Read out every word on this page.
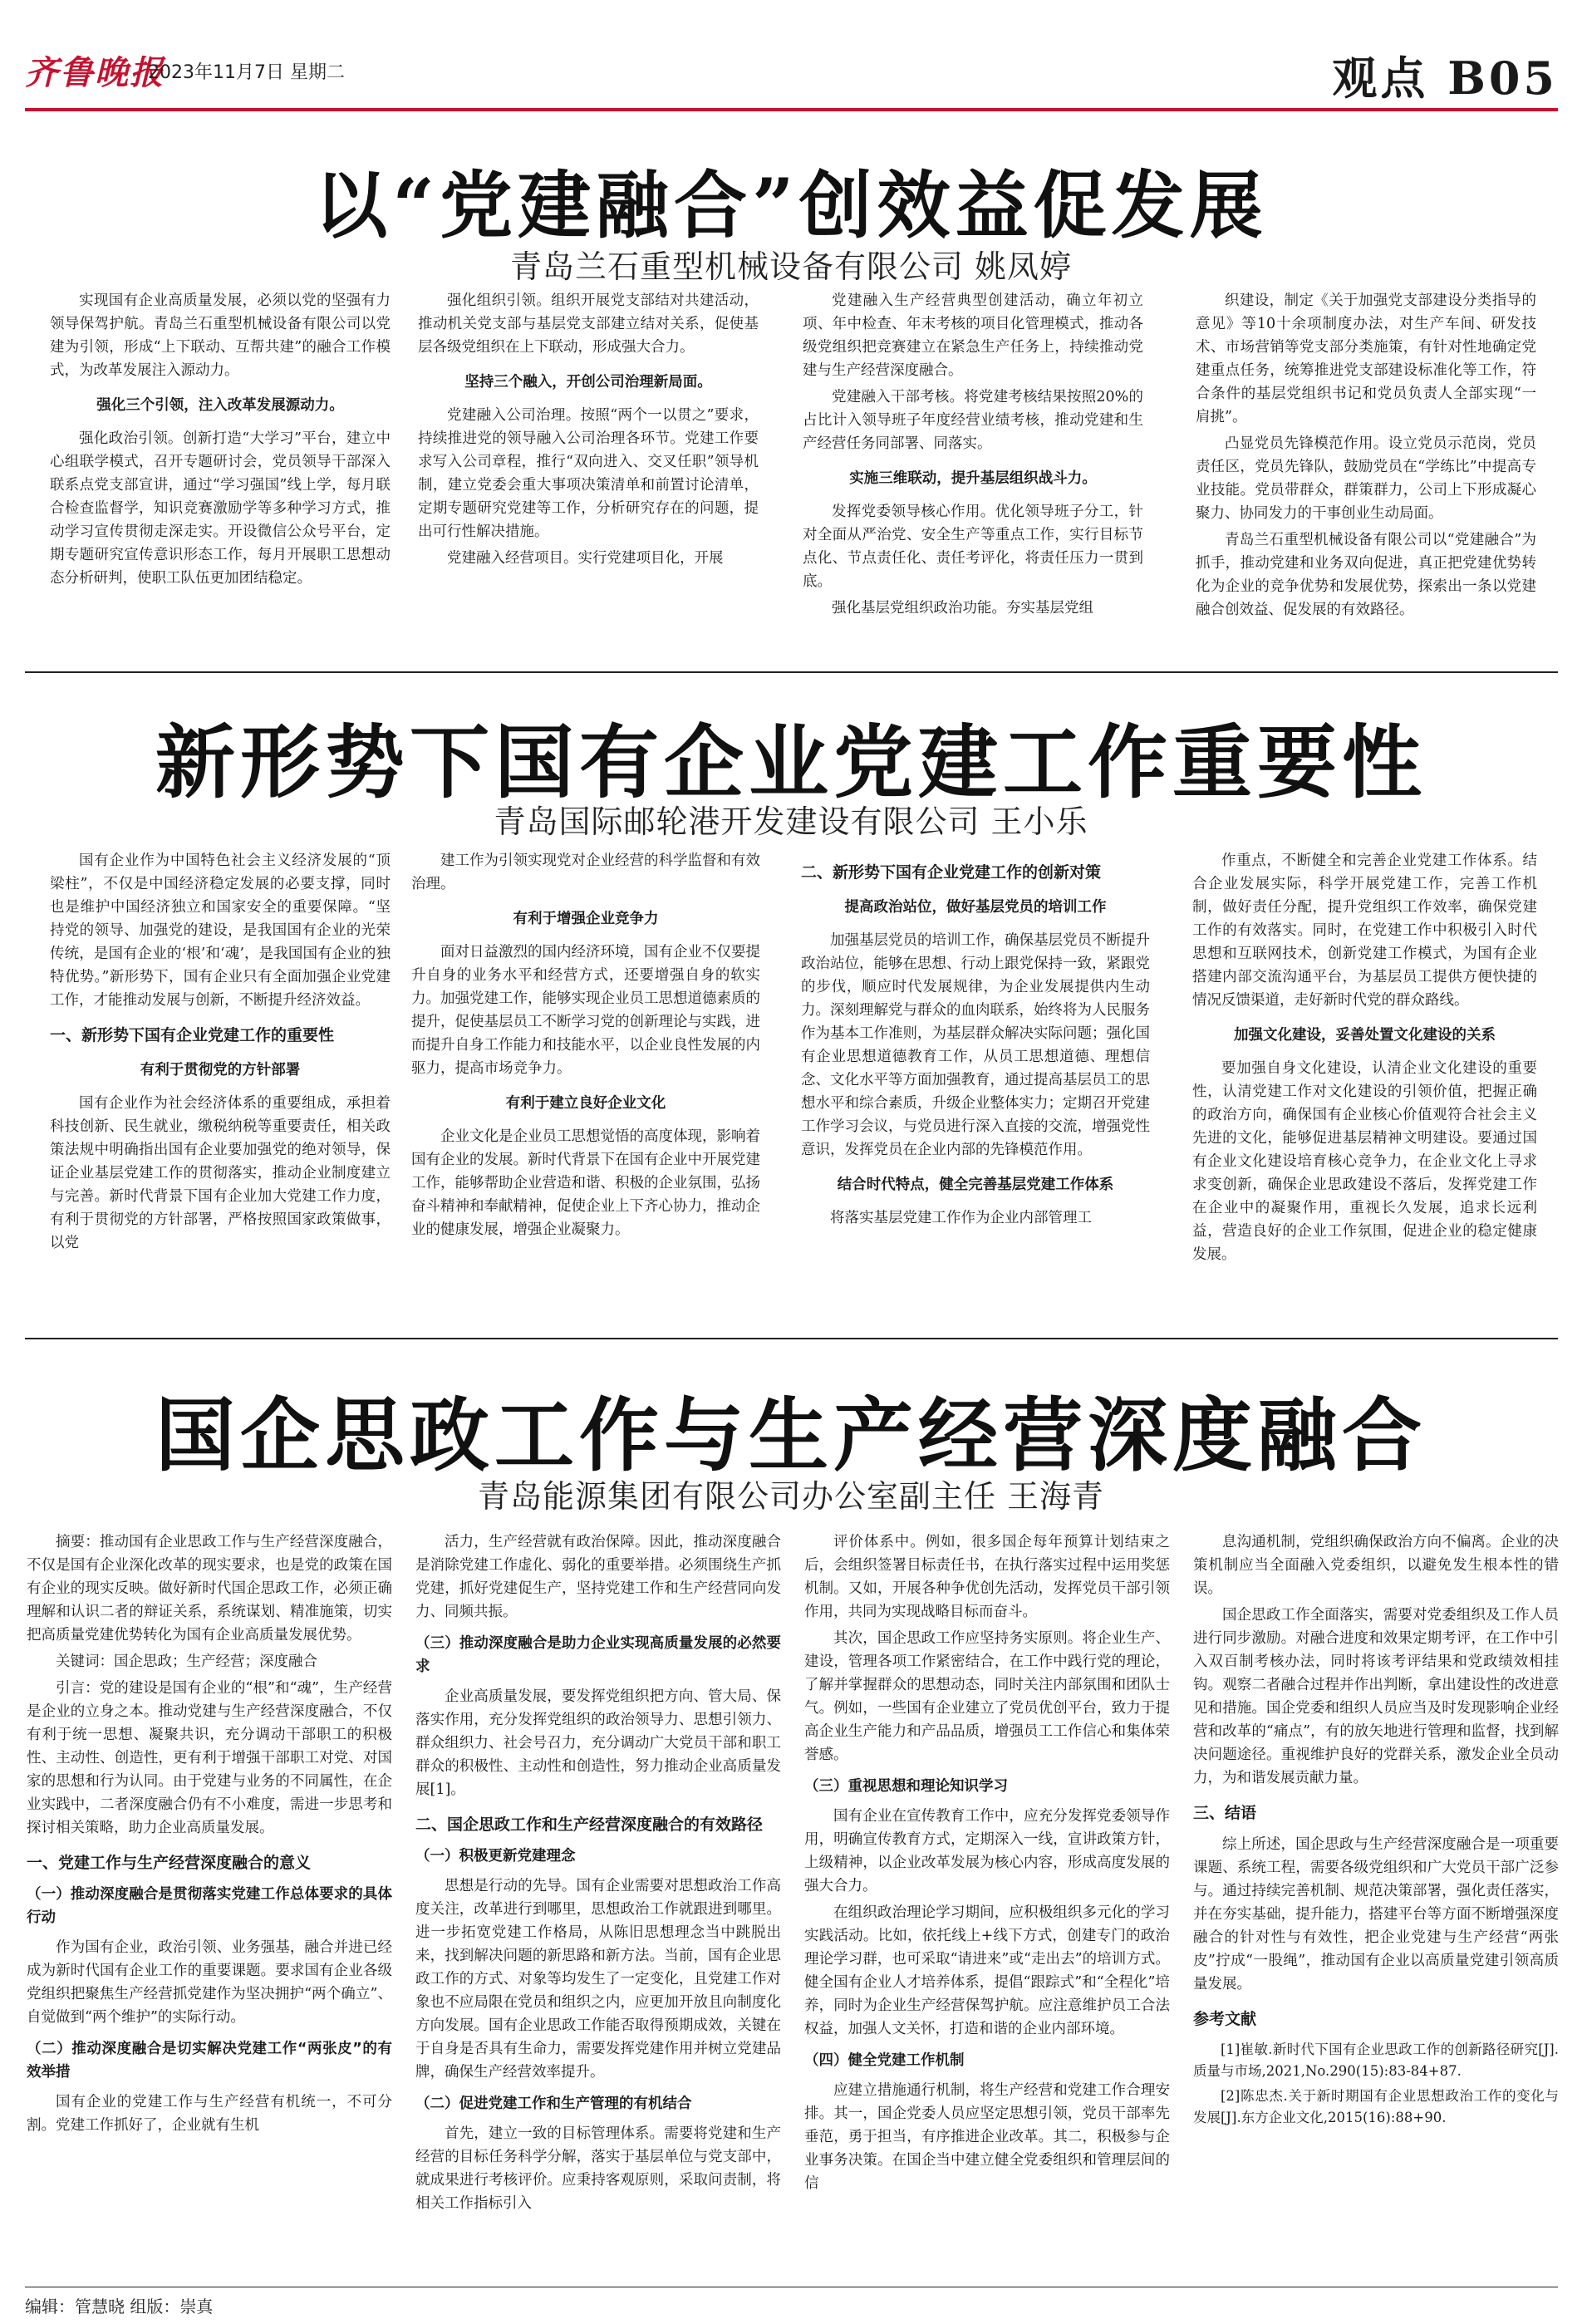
齐鲁晚报
2023年11月7日 星期二	观点 B05
以“党建融合”创效益促发展
青岛兰石重型机械设备有限公司 姚凤婷

实现国有企业高质量发展，必须以党的坚强有力领导保驾护航。青岛兰石重型机械设备有限公司以党建为引领，形成“上下联动、互帮共建”的融合工作模式，为改革发展注入源动力。

强化三个引领，注入改革发展源动力。

强化政治引领。创新打造“大学习”平台，建立中心组联学模式，召开专题研讨会，党员领导干部深入联系点党支部宣讲，通过“学习强国”线上学，每月联合检查监督学，知识竞赛激励学等多种学习方式，推动学习宣传贯彻走深走实。开设微信公众号平台，定期专题研究宣传意识形态工作，每月开展职工思想动态分析研判，使职工队伍更加团结稳定。

强化组织引领。组织开展党支部结对共建活动，推动机关党支部与基层党支部建立结对关系，促使基层各级党组织在上下联动，形成强大合力。

坚持三个融入，开创公司治理新局面。

党建融入公司治理。按照“两个一以贯之”要求，持续推进党的领导融入公司治理各环节。党建工作要求写入公司章程，推行“双向进入、交叉任职”领导机制，建立党委会重大事项决策清单和前置讨论清单，定期专题研究党建等工作，分析研究存在的问题，提出可行性解决措施。

党建融入经营项目。实行党建项目化，开展

党建融入生产经营典型创建活动，确立年初立项、年中检查、年末考核的项目化管理模式，推动各级党组织把竞赛建立在紧急生产任务上，持续推动党建与生产经营深度融合。

党建融入干部考核。将党建考核结果按照20%的占比计入领导班子年度经营业绩考核，推动党建和生产经营任务同部署、同落实。

实施三维联动，提升基层组织战斗力。

发挥党委领导核心作用。优化领导班子分工，针对全面从严治党、安全生产等重点工作，实行目标节点化、节点责任化、责任考评化，将责任压力一贯到底。

强化基层党组织政治功能。夯实基层党组

织建设，制定《关于加强党支部建设分类指导的意见》等10十余项制度办法，对生产车间、研发技术、市场营销等党支部分类施策，有针对性地确定党建重点任务，统筹推进党支部建设标准化等工作，符合条件的基层党组织书记和党员负责人全部实现“一肩挑”。

凸显党员先锋模范作用。设立党员示范岗，党员责任区，党员先锋队，鼓励党员在“学练比”中提高专业技能。党员带群众，群策群力，公司上下形成凝心聚力、协同发力的干事创业生动局面。

青岛兰石重型机械设备有限公司以“党建融合”为抓手，推动党建和业务双向促进，真正把党建优势转化为企业的竞争优势和发展优势，探索出一条以党建融合创效益、促发展的有效路径。

新形势下国有企业党建工作重要性
青岛国际邮轮港开发建设有限公司 王小乐

国有企业作为中国特色社会主义经济发展的“顶梁柱”，不仅是中国经济稳定发展的必要支撑，同时也是维护中国经济独立和国家安全的重要保障。“坚持党的领导、加强党的建设，是我国国有企业的光荣传统，是国有企业的‘根’和‘魂’，是我国国有企业的独特优势。”新形势下，国有企业只有全面加强企业党建工作，才能推动发展与创新，不断提升经济效益。

一、新形势下国有企业党建工作的重要性

有利于贯彻党的方针部署

国有企业作为社会经济体系的重要组成，承担着科技创新、民生就业，缴税纳税等重要责任，相关政策法规中明确指出国有企业要加强党的绝对领导，保证企业基层党建工作的贯彻落实，推动企业制度建立与完善。新时代背景下国有企业加大党建工作力度，有利于贯彻党的方针部署，严格按照国家政策做事，以党

建工作为引领实现党对企业经营的科学监督和有效治理。

有利于增强企业竞争力

面对日益激烈的国内经济环境，国有企业不仅要提升自身的业务水平和经营方式，还要增强自身的软实力。加强党建工作，能够实现企业员工思想道德素质的提升，促使基层员工不断学习党的创新理论与实践，进而提升自身工作能力和技能水平，以企业良性发展的内驱力，提高市场竞争力。

有利于建立良好企业文化

企业文化是企业员工思想觉悟的高度体现，影响着国有企业的发展。新时代背景下在国有企业中开展党建工作，能够帮助企业营造和谐、积极的企业氛围，弘扬奋斗精神和奉献精神，促使企业上下齐心协力，推动企业的健康发展，增强企业凝聚力。

二、新形势下国有企业党建工作的创新对策

提高政治站位，做好基层党员的培训工作

加强基层党员的培训工作，确保基层党员不断提升政治站位，能够在思想、行动上跟党保持一致，紧跟党的步伐，顺应时代发展规律，为企业发展提供内生动力。深刻理解党与群众的血肉联系，始终将为人民服务作为基本工作准则，为基层群众解决实际问题；强化国有企业思想道德教育工作，从员工思想道德、理想信念、文化水平等方面加强教育，通过提高基层员工的思想水平和综合素质，升级企业整体实力；定期召开党建工作学习会议，与党员进行深入直接的交流，增强党性意识，发挥党员在企业内部的先锋模范作用。

结合时代特点，健全完善基层党建工作体系

将落实基层党建工作作为企业内部管理工

作重点，不断健全和完善企业党建工作体系。结合企业发展实际，科学开展党建工作，完善工作机制，做好责任分配，提升党组织工作效率，确保党建工作的有效落实。同时，在党建工作中积极引入时代思想和互联网技术，创新党建工作模式，为国有企业搭建内部交流沟通平台，为基层员工提供方便快捷的情况反馈渠道，走好新时代党的群众路线。

加强文化建设，妥善处置文化建设的关系

要加强自身文化建设，认清企业文化建设的重要性，认清党建工作对文化建设的引领价值，把握正确的政治方向，确保国有企业核心价值观符合社会主义先进的文化，能够促进基层精神文明建设。要通过国有企业文化建设培育核心竞争力，在企业文化上寻求求变创新，确保企业思政建设不落后，发挥党建工作在企业中的凝聚作用，重视长久发展，追求长远利益，营造良好的企业工作氛围，促进企业的稳定健康发展。

国企思政工作与生产经营深度融合
青岛能源集团有限公司办公室副主任 王海青

摘要：推动国有企业思政工作与生产经营深度融合，不仅是国有企业深化改革的现实要求，也是党的政策在国有企业的现实反映。做好新时代国企思政工作，必须正确理解和认识二者的辩证关系，系统谋划、精准施策，切实把高质量党建优势转化为国有企业高质量发展优势。

关键词：国企思政；生产经营；深度融合

引言：党的建设是国有企业的“根”和“魂”，生产经营是企业的立身之本。推动党建与生产经营深度融合，不仅有利于统一思想、凝聚共识，充分调动干部职工的积极性、主动性、创造性，更有利于增强干部职工对党、对国家的思想和行为认同。由于党建与业务的不同属性，在企业实践中，二者深度融合仍有不小难度，需进一步思考和探讨相关策略，助力企业高质量发展。

一、党建工作与生产经营深度融合的意义

（一）推动深度融合是贯彻落实党建工作总体要求的具体行动

作为国有企业，政治引领、业务强基，融合并进已经成为新时代国有企业工作的重要课题。要求国有企业各级党组织把聚焦生产经营抓党建作为坚决拥护“两个确立”、自觉做到“两个维护”的实际行动。

（二）推动深度融合是切实解决党建工作“两张皮”的有效举措

国有企业的党建工作与生产经营有机统一，不可分割。党建工作抓好了，企业就有生机

活力，生产经营就有政治保障。因此，推动深度融合是消除党建工作虚化、弱化的重要举措。必须围绕生产抓党建，抓好党建促生产，坚持党建工作和生产经营同向发力、同频共振。

（三）推动深度融合是助力企业实现高质量发展的必然要求

企业高质量发展，要发挥党组织把方向、管大局、保落实作用，充分发挥党组织的政治领导力、思想引领力、群众组织力、社会号召力，充分调动广大党员干部和职工群众的积极性、主动性和创造性，努力推动企业高质量发展[1]。

二、国企思政工作和生产经营深度融合的有效路径

（一）积极更新党建理念

思想是行动的先导。国有企业需要对思想政治工作高度关注，改革进行到哪里，思想政治工作就跟进到哪里。进一步拓宽党建工作格局，从陈旧思想理念当中跳脱出来，找到解决问题的新思路和新方法。当前，国有企业思政工作的方式、对象等均发生了一定变化，且党建工作对象也不应局限在党员和组织之内，应更加开放且向制度化方向发展。国有企业思政工作能否取得预期成效，关键在于自身是否具有生命力，需要发挥党建作用并树立党建品牌，确保生产经营效率提升。

（二）促进党建工作和生产管理的有机结合

首先，建立一致的目标管理体系。需要将党建和生产经营的目标任务科学分解，落实于基层单位与党支部中，就成果进行考核评价。应秉持客观原则，采取问责制，将相关工作指标引入

评价体系中。例如，很多国企每年预算计划结束之后，会组织签署目标责任书，在执行落实过程中运用奖惩机制。又如，开展各种争优创先活动，发挥党员干部引领作用，共同为实现战略目标而奋斗。

其次，国企思政工作应坚持务实原则。将企业生产、建设，管理各项工作紧密结合，在工作中践行党的理论，了解并掌握群众的思想动态，同时关注内部氛围和团队士气。例如，一些国有企业建立了党员优创平台，致力于提高企业生产能力和产品品质，增强员工工作信心和集体荣誉感。

（三）重视思想和理论知识学习

国有企业在宣传教育工作中，应充分发挥党委领导作用，明确宣传教育方式，定期深入一线，宣讲政策方针，上级精神，以企业改革发展为核心内容，形成高度发展的强大合力。

在组织政治理论学习期间，应积极组织多元化的学习实践活动。比如，依托线上+线下方式，创建专门的政治理论学习群，也可采取“请进来”或“走出去”的培训方式。健全国有企业人才培养体系，提倡“跟踪式”和“全程化”培养，同时为企业生产经营保驾护航。应注意维护员工合法权益，加强人文关怀，打造和谐的企业内部环境。

（四）健全党建工作机制

应建立措施通行机制，将生产经营和党建工作合理安排。其一，国企党委人员应坚定思想引领，党员干部率先垂范，勇于担当，有序推进企业改革。其二，积极参与企业事务决策。在国企当中建立健全党委组织和管理层间的信

息沟通机制，党组织确保政治方向不偏离。企业的决策机制应当全面融入党委组织，以避免发生根本性的错误。

国企思政工作全面落实，需要对党委组织及工作人员进行同步激励。对融合进度和效果定期考评，在工作中引入双百制考核办法，同时将该考评结果和党政绩效相挂钩。观察二者融合过程并作出判断，拿出建设性的改进意见和措施。国企党委和组织人员应当及时发现影响企业经营和改革的“痛点”，有的放矢地进行管理和监督，找到解决问题途径。重视维护良好的党群关系，激发企业全员动力，为和谐发展贡献力量。

三、结语

综上所述，国企思政与生产经营深度融合是一项重要课题、系统工程，需要各级党组织和广大党员干部广泛参与。通过持续完善机制、规范决策部署，强化责任落实，并在夯实基础，提升能力，搭建平台等方面不断增强深度融合的针对性与有效性，把企业党建与生产经营“两张皮”拧成“一股绳”，推动国有企业以高质量党建引领高质量发展。

参考文献

[1]崔敏.新时代下国有企业思政工作的创新路径研究[J].质量与市场,2021,No.290(15):83-84+87.

[2]陈忠杰.关于新时期国有企业思想政治工作的变化与发展[J].东方企业文化,2015(16):88+90.

编辑：管慧晓 组版：崇真
